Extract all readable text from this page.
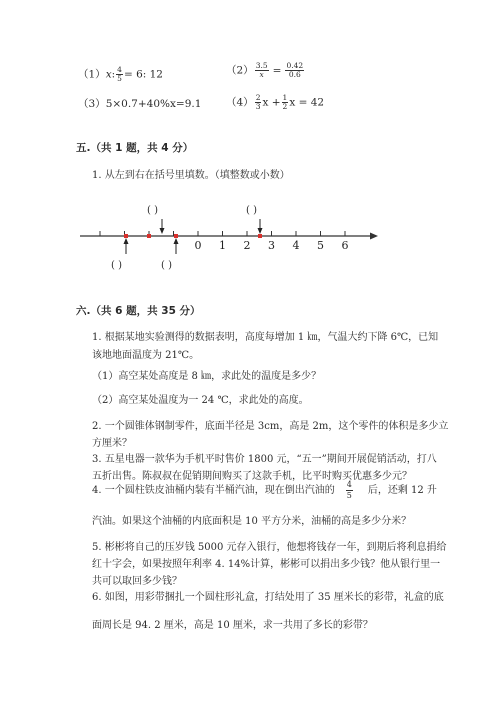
（1）x: $\frac{4}{5} = 6$: 12	$(2) \frac{3.5}{x} = \frac{0.42}{0.6}$
（3）5×0.7+40%x=9.1 $(4) \frac{2}{3}$ $x + \frac{1}{2}$ x = 42
五.（共 1 题，共 4 分）
1. 从左到右在括号里填数。（填整数或小数）
0 1 2 3 4 5 6
( )	( )
( )	( )
六.（共 6 题，共 35 分）
1. 根据某地实验测得的数据表明，高度每增加 1 ㎞，气温大约下降 6℃，已知
该地地面温度为 21℃。
（1）高空某处高度是 8 ㎞，求此处的温度是多少？
（2）高空某处温度为一 24 ℃，求此处的高度。
2. 一个圆锥体钢制零件，底面半径是 3cm，高是 2m，这个零件的体积是多少立
方厘米？
3. 五星电器一款华为手机平时售价 1800 元，“五一”期间开展促销活动，打八
五折出售。陈叔叔在促销期间购买了这款手机，比平时购买优惠多少元？
4. 一个圆柱铁皮油桶内装有半桶汽油，现在倒出汽油的 $\frac{4}{5}$ 后，还剩 12 升
汽油。如果这个油桶的内底面积是 10 平方分米，油桶的高是多少分米？
5. 彬彬将自己的压岁钱 5000 元存入银行，他想将钱存一年，到期后将利息捐给
红十字会，如果按照年利率 4. 14%计算，彬彬可以捐出多少钱？他从银行里一
共可以取回多少钱？
6. 如图，用彩带捆扎一个圆柱形礼盒，打结处用了 35 厘米长的彩带，礼盒的底
面周长是 94. 2 厘米，高是 10 厘米，求一共用了多长的彩带？
